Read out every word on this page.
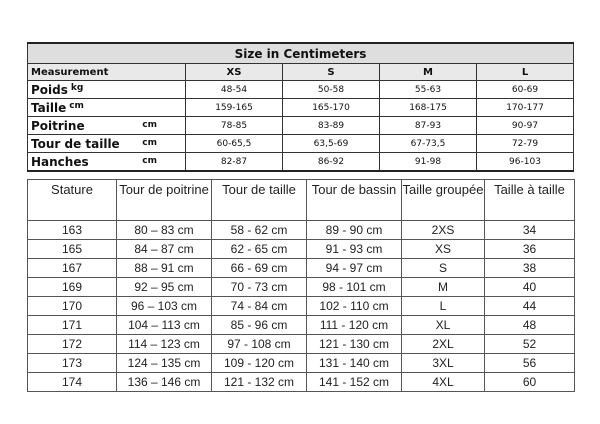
Size in Centimeters				
Measurement	XS	S	M	L
Poids kg	48-54	50-58	55-63	60-69
Taille cm	159-165	165-170	168-175	170-177
Poitrine cm	78-85	83-89	87-93	90-97
Tour de taille cm	60-65,5	63,5-69	67-73,5	72-79
Hanches cm	82-87	86-92	91-98	96-103
Stature	Tour de poitrine	Tour de taille	Tour de bassin	Taille groupée	Taille à taille
163	80 – 83 cm	58 - 62 cm	89 - 90 cm	2XS	34
165	84 – 87 cm	62 - 65 cm	91 - 93 cm	XS	36
167	88 – 91 cm	66 - 69 cm	94 - 97 cm	S	38
169	92 – 95 cm	70 - 73 cm	98 - 101 cm	M	40
170	96 – 103 cm	74 - 84 cm	102 - 110 cm	L	44
171	104 – 113 cm	85 - 96 cm	111 - 120 cm	XL	48
172	114 – 123 cm	97 - 108 cm	121 - 130 cm	2XL	52
173	124 – 135 cm	109 - 120 cm	131 - 140 cm	3XL	56
174	136 – 146 cm	121 - 132 cm	141 - 152 cm	4XL	60
